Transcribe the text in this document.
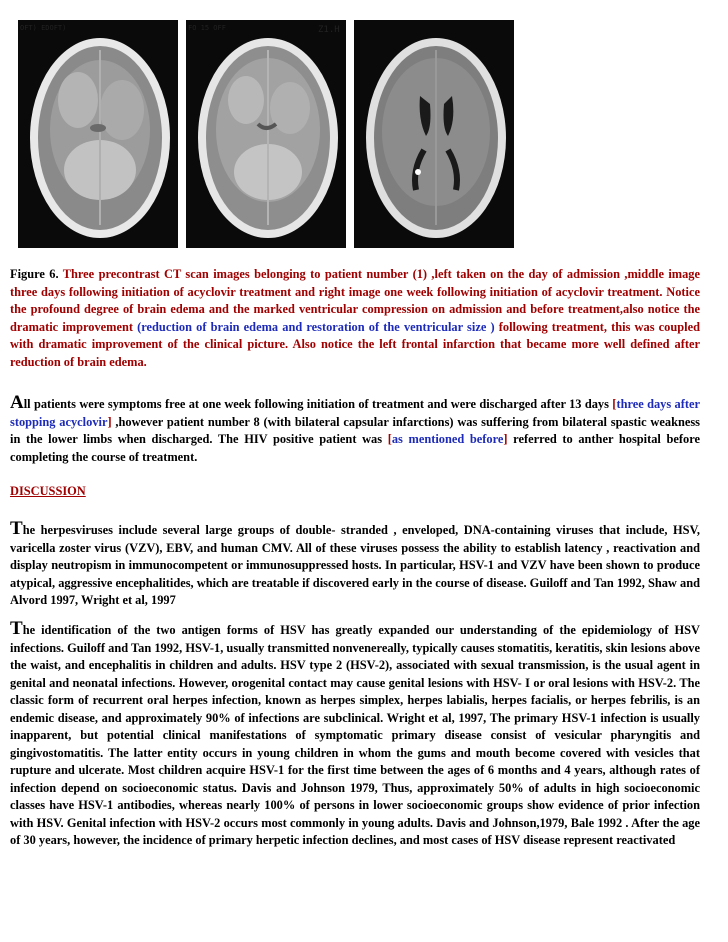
OFT) EDOFT)	FO 15 OFF	Z1.H

Figure 6. Three precontrast CT scan images belonging to patient number (1) ,left taken on the day of admission ,middle image three days following initiation of acyclovir treatment and right image one week following initiation of acyclovir treatment. Notice the profound degree of brain edema and the marked ventricular compression on admission and before treatment,also notice the dramatic improvement (reduction of brain edema and restoration of the ventricular size ) following treatment, this was coupled with dramatic improvement of the clinical picture. Also notice the left frontal infarction that became more well defined after reduction of brain edema.

All patients were symptoms free at one week following initiation of treatment and were discharged after 13 days [three days after stopping acyclovir] ,however patient number 8 (with bilateral capsular infarctions) was suffering from bilateral spastic weakness in the lower limbs when discharged. The HIV positive patient was [as mentioned before] referred to anther hospital before completing the course of treatment.

DISCUSSION

The herpesviruses include several large groups of double- stranded , enveloped, DNA-containing viruses that include, HSV, varicella zoster virus (VZV), EBV, and human CMV. All of these viruses possess the ability to establish latency , reactivation and display neutropism in immunocompetent or immunosuppressed hosts. In particular, HSV-1 and VZV have been shown to produce atypical, aggressive encephalitides, which are treatable if discovered early in the course of disease. Guiloff and Tan 1992, Shaw and Alvord 1997, Wright et al, 1997

The identification of the two antigen forms of HSV has greatly expanded our understanding of the epidemiology of HSV infections. Guiloff and Tan 1992, HSV-1, usually transmitted nonvenereally, typically causes stomatitis, keratitis, skin lesions above the waist, and encephalitis in children and adults. HSV type 2 (HSV-2), associated with sexual transmission, is the usual agent in genital and neonatal infections. However, orogenital contact may cause genital lesions with HSV- I or oral lesions with HSV-2. The classic form of recurrent oral herpes infection, known as herpes simplex, herpes labialis, herpes facialis, or herpes febrilis, is an endemic disease, and approximately 90% of infections are subclinical. Wright et al, 1997, The primary HSV-1 infection is usually inapparent, but potential clinical manifestations of symptomatic primary disease consist of vesicular pharyngitis and gingivostomatitis. The latter entity occurs in young children in whom the gums and mouth become covered with vesicles that rupture and ulcerate. Most children acquire HSV-1 for the first time between the ages of 6 months and 4 years, although rates of infection depend on socioeconomic status. Davis and Johnson 1979, Thus, approximately 50% of adults in high socioeconomic classes have HSV-1 antibodies, whereas nearly 100% of persons in lower socioeconomic groups show evidence of prior infection with HSV. Genital infection with HSV-2 occurs most commonly in young adults. Davis and Johnson,1979, Bale 1992 . After the age of 30 years, however, the incidence of primary herpetic infection declines, and most cases of HSV disease represent reactivated
